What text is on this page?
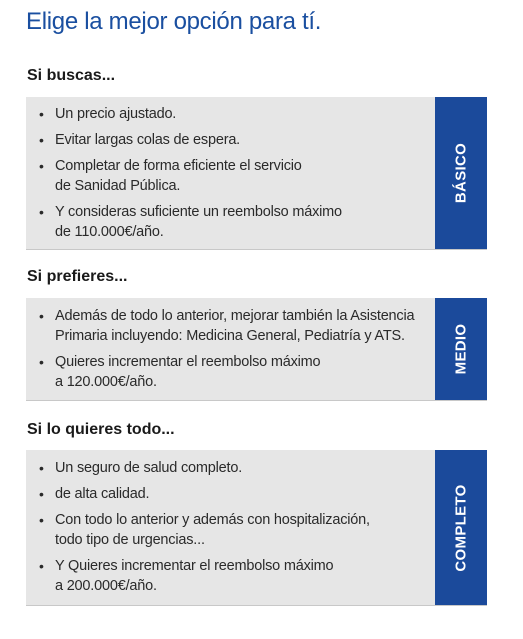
Elige la mejor opción para tí.
Si buscas...
• Un precio ajustado.
• Evitar largas colas de espera.
• Completar de forma eficiente el servicio
de Sanidad Pública.
• Y consideras suficiente un reembolso máximo
de 110.000€/año.
BÁSICO
Si prefieres...
• Además de todo lo anterior, mejorar también la Asistencia
Primaria incluyendo: Medicina General, Pediatría y ATS.
• Quieres incrementar el reembolso máximo
a 120.000€/año.
MEDIO
Si lo quieres todo...
• Un seguro de salud completo.
• de alta calidad.
• Con todo lo anterior y además con hospitalización,
todo tipo de urgencias...
• Y Quieres incrementar el reembolso máximo
a 200.000€/año.
COMPLETO
